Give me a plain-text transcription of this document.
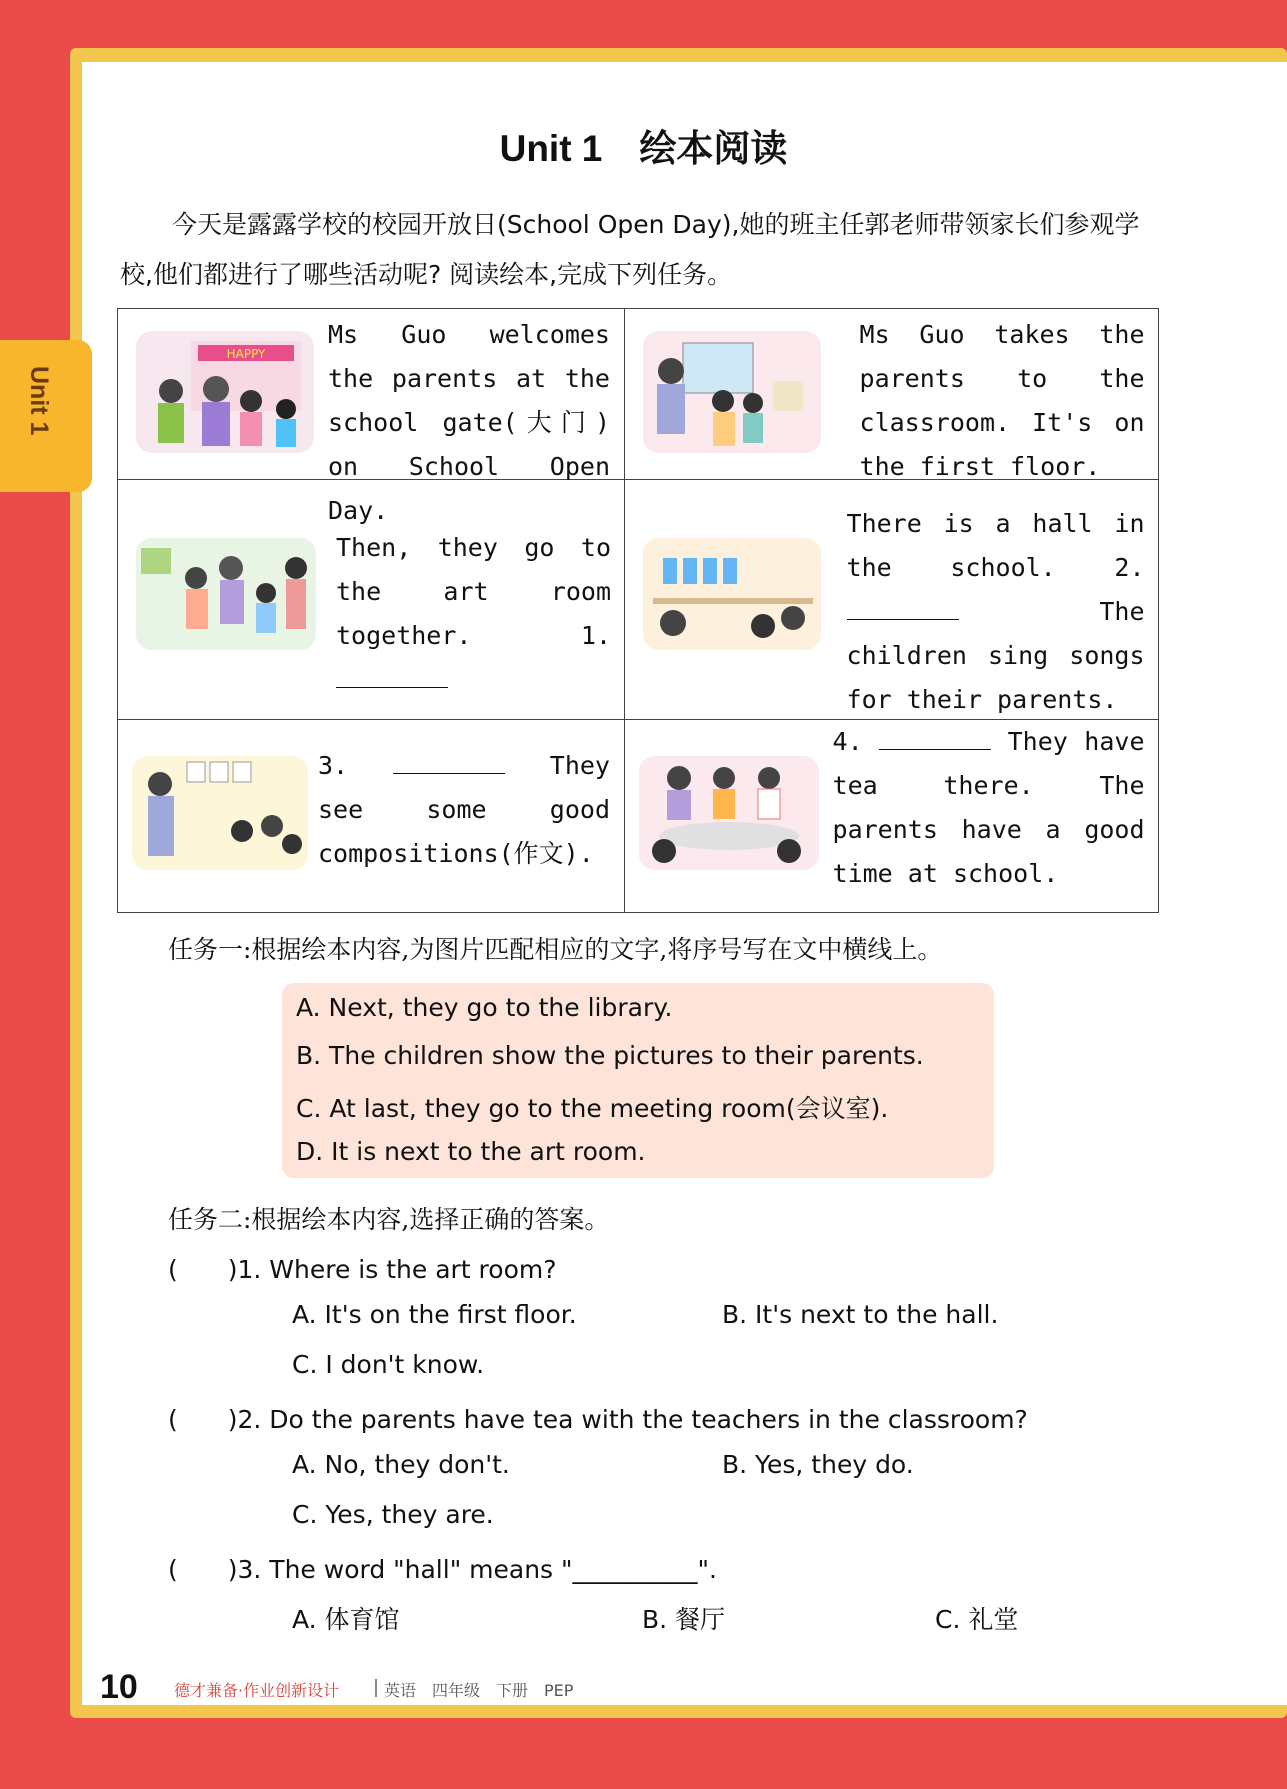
Unit 1
Unit 1　绘本阅读
今天是露露学校的校园开放日(School Open Day),她的班主任郭老师带领家长们参观学校,他们都进行了哪些活动呢? 阅读绘本,完成下列任务。
HAPPY
Ms Guo welcomes the parents at the school gate(大门) on School Open Day.	Ms Guo takes the parents to the classroom. It's on the first floor.

Then, they go to the art room together. 1.	There is a hall in the school. 2.  The children sing songs for their parents.

3. They see some good compositions(作文).	4. They have tea there. The parents have a good time at school.
任务一:根据绘本内容,为图片匹配相应的文字,将序号写在文中横线上。
A. Next, they go to the library.
B. The children show the pictures to their parents.
C. At last, they go to the meeting room(会议室).
D. It is next to the art room.
任务二:根据绘本内容,选择正确的答案。
(　　)1. Where is the art room?
A. It's on the first floor.	B. It's next to the hall.
C. I don't know.
(　　)2. Do the parents have tea with the teachers in the classroom?
A. No, they don't.	B. Yes, they do.
C. Yes, they are.
(　　)3. The word "hall" means "__________".
A. 体育馆	B. 餐厅	C. 礼堂
10 德才兼备·作业创新设计	英语　四年级　下册　PEP
